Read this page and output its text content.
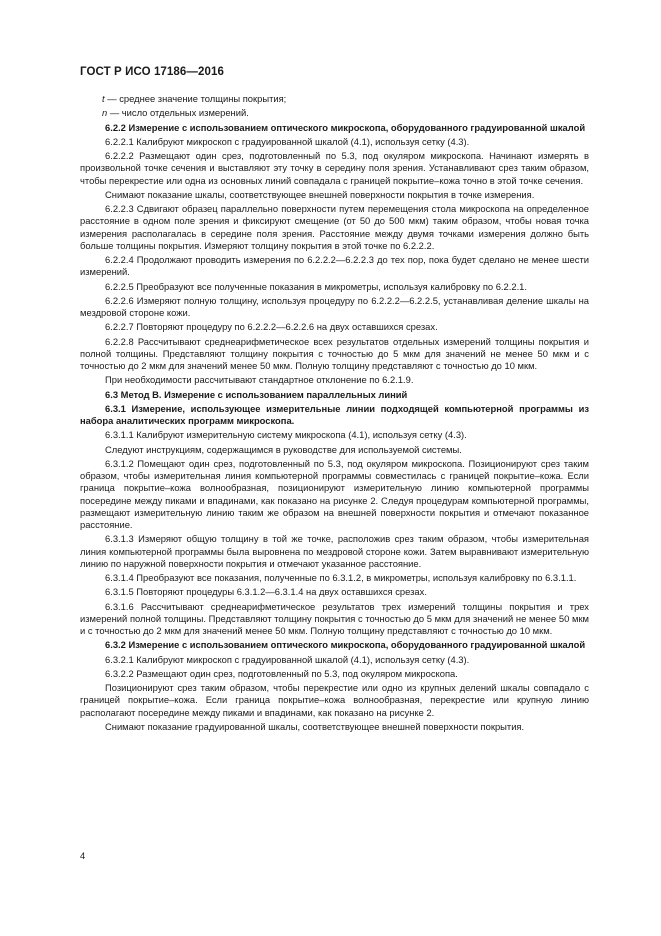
ГОСТ Р ИСО 17186—2016

t — среднее значение толщины покрытия;

n — число отдельных измерений.

6.2.2 Измерение с использованием оптического микроскопа, оборудованного градуированной шкалой

6.2.2.1 Калибруют микроскоп с градуированной шкалой (4.1), используя сетку (4.3).

6.2.2.2 Размещают один срез, подготовленный по 5.3, под окуляром микроскопа. Начинают измерять в произвольной точке сечения и выставляют эту точку в середину поля зрения. Устанавливают срез таким образом, чтобы перекрестие или одна из основных линий совпадала с границей покрытие–кожа точно в этой точке сечения.

Снимают показание шкалы, соответствующее внешней поверхности покрытия в точке измерения.

6.2.2.3 Сдвигают образец параллельно поверхности путем перемещения стола микроскопа на определенное расстояние в одном поле зрения и фиксируют смещение (от 50 до 500 мкм) таким образом, чтобы новая точка измерения располагалась в середине поля зрения. Расстояние между двумя точками измерения должно быть больше толщины покрытия. Измеряют толщину покрытия в этой точке по 6.2.2.2.

6.2.2.4 Продолжают проводить измерения по 6.2.2.2—6.2.2.3 до тех пор, пока будет сделано не менее шести измерений.

6.2.2.5 Преобразуют все полученные показания в микрометры, используя калибровку по 6.2.2.1.

6.2.2.6 Измеряют полную толщину, используя процедуру по 6.2.2.2—6.2.2.5, устанавливая деление шкалы на мездровой стороне кожи.

6.2.2.7 Повторяют процедуру по 6.2.2.2—6.2.2.6 на двух оставшихся срезах.

6.2.2.8 Рассчитывают среднеарифметическое всех результатов отдельных измерений толщины покрытия и полной толщины. Представляют толщину покрытия с точностью до 5 мкм для значений не менее 50 мкм и с точностью до 2 мкм для значений менее 50 мкм. Полную толщину представляют с точностью до 10 мкм.

При необходимости рассчитывают стандартное отклонение по 6.2.1.9.

6.3 Метод В. Измерение с использованием параллельных линий

6.3.1 Измерение, использующее измерительные линии подходящей компьютерной программы из набора аналитических программ микроскопа.

6.3.1.1 Калибруют измерительную систему микроскопа (4.1), используя сетку (4.3).

Следуют инструкциям, содержащимся в руководстве для используемой системы.

6.3.1.2 Помещают один срез, подготовленный по 5.3, под окуляром микроскопа. Позиционируют срез таким образом, чтобы измерительная линия компьютерной программы совместилась с границей покрытие–кожа. Если граница покрытие–кожа волнообразная, позиционируют измерительную линию компьютерной программы посередине между пиками и впадинами, как показано на рисунке 2. Следуя процедурам компьютерной программы, размещают измерительную линию таким же образом на внешней поверхности покрытия и отмечают показанное расстояние.

6.3.1.3 Измеряют общую толщину в той же точке, расположив срез таким образом, чтобы измерительная линия компьютерной программы была выровнена по мездровой стороне кожи. Затем выравнивают измерительную линию по наружной поверхности покрытия и отмечают указанное расстояние.

6.3.1.4 Преобразуют все показания, полученные по 6.3.1.2, в микрометры, используя калибровку по 6.3.1.1.

6.3.1.5 Повторяют процедуры 6.3.1.2—6.3.1.4 на двух оставшихся срезах.

6.3.1.6 Рассчитывают среднеарифметическое результатов трех измерений толщины покрытия и трех измерений полной толщины. Представляют толщину покрытия с точностью до 5 мкм для значений не менее 50 мкм и с точностью до 2 мкм для значений менее 50 мкм. Полную толщину представляют с точностью до 10 мкм.

6.3.2 Измерение с использованием оптического микроскопа, оборудованного градуированной шкалой

6.3.2.1 Калибруют микроскоп с градуированной шкалой (4.1), используя сетку (4.3).

6.3.2.2 Размещают один срез, подготовленный по 5.3, под окуляром микроскопа.

Позиционируют срез таким образом, чтобы перекрестие или одно из крупных делений шкалы совпадало с границей покрытие–кожа. Если граница покрытие–кожа волнообразная, перекрестие или крупную линию располагают посередине между пиками и впадинами, как показано на рисунке 2.

Снимают показание градуированной шкалы, соответствующее внешней поверхности покрытия.

4
